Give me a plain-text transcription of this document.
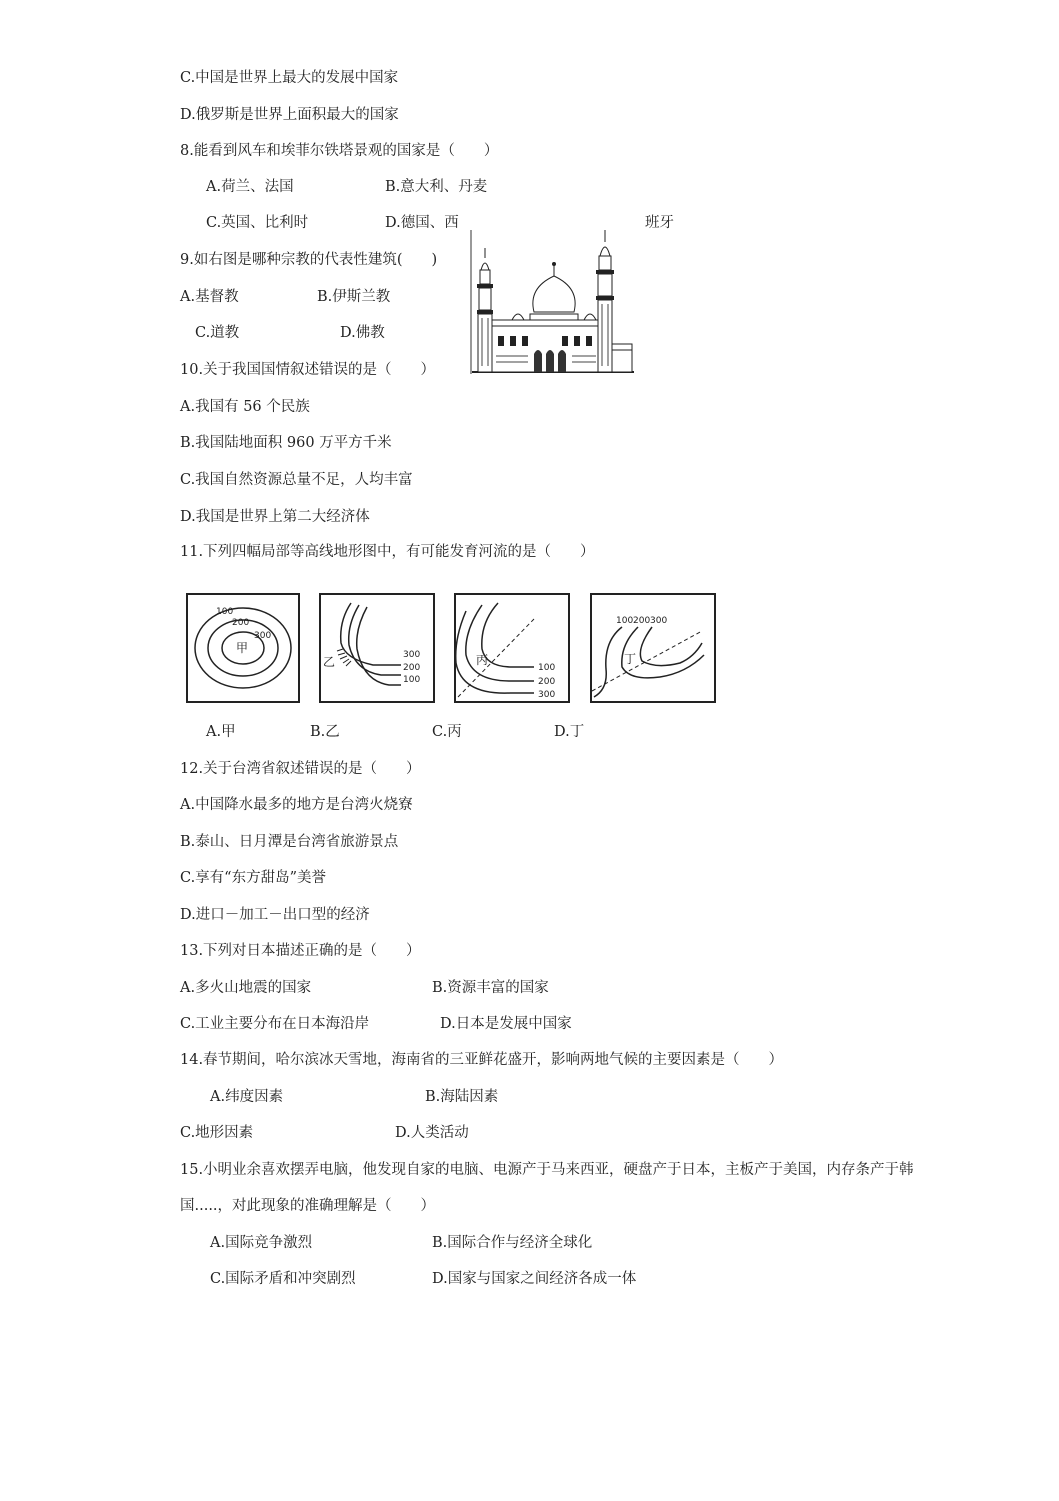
C.中国是世界上最大的发展中国家
D.俄罗斯是世界上面积最大的国家
8.能看到风车和埃菲尔铁塔景观的国家是（　　）
A.荷兰、法国	B.意大利、丹麦
C.英国、比利时	D.德国、西	班牙
9.如右图是哪种宗教的代表性建筑(　　)
A.基督教	B.伊斯兰教
C.道教	D.佛教
10.关于我国国情叙述错误的是（　　）
A.我国有 56 个民族
B.我国陆地面积 960 万平方千米
C.我国自然资源总量不足，人均丰富
D.我国是世界上第二大经济体
11.下列四幅局部等高线地形图中，有可能发育河流的是（　　）
100
200
300
甲
乙	300
200
100
丙
100
200
300
100 200 300
丁
A.甲	B.乙	C.丙	D.丁
12.关于台湾省叙述错误的是（　　）
A.中国降水最多的地方是台湾火烧寮
B.泰山、日月潭是台湾省旅游景点
C.享有“东方甜岛”美誉
D.进口－加工－出口型的经济
13.下列对日本描述正确的是（　　）
A.多火山地震的国家	B.资源丰富的国家
C.工业主要分布在日本海沿岸	D.日本是发展中国家
14.春节期间，哈尔滨冰天雪地，海南省的三亚鲜花盛开，影响两地气候的主要因素是（　　）
A.纬度因素	B.海陆因素
C.地形因素	D.人类活动
15.小明业余喜欢摆弄电脑，他发现自家的电脑、电源产于马来西亚，硬盘产于日本，主板产于美国，内存条产于韩
国.....，对此现象的准确理解是（　　）
A.国际竞争激烈	B.国际合作与经济全球化
C.国际矛盾和冲突剧烈	D.国家与国家之间经济各成一体
